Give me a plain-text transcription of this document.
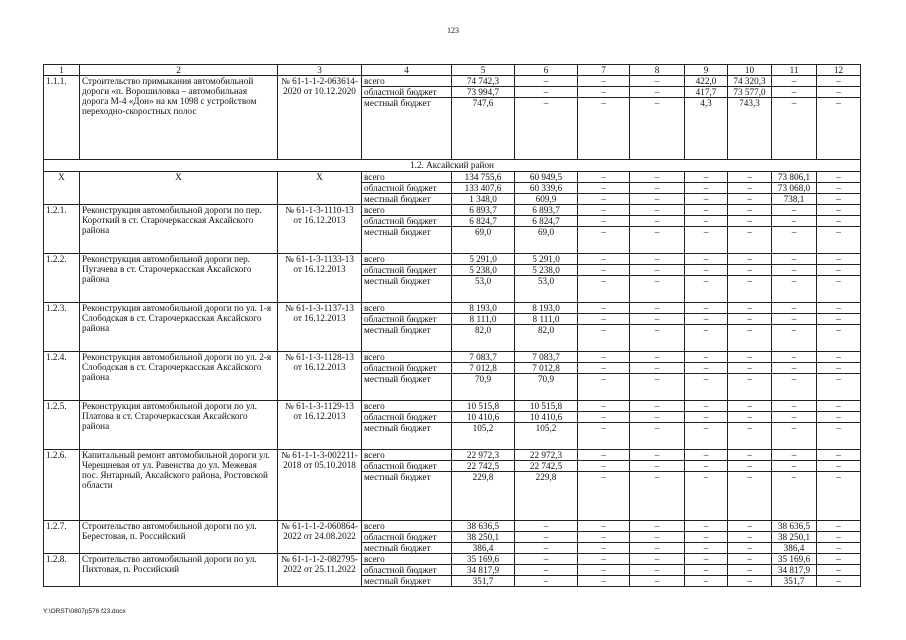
123
1	2	3	4	5	6	7	8	9	10	11	12
1.1.1.	Строительство примыкания автомобильной дороги «п. Ворошиловка – автомобильная дорога М-4 «Дон» на км 1098 с устройством переходно-скоростных полос	№ 61-1-1-2-063614-2020 от 10.12.2020	всего	74 742,3	–	–	–	422,0	74 320,3	–	–
			областной бюджет	73 994,7	–	–	–	417,7	73 577,0	–	–
			местный бюджет	747,6	–	–	–	4,3	743,3	–	–
1.2. Аксайский район											
Х	Х	Х	всего	134 755,6	60 949,5	–	–	–	–	73 806,1	–
			областной бюджет	133 407,6	60 339,6	–	–	–	–	73 068,0	–
			местный бюджет	1 348,0	609,9	–	–	–	–	738,1	–
1.2.1.	Реконструкция автомобильной дороги по пер. Короткий в ст. Старочеркасская Аксайского района	№ 61-1-3-1110-13 от 16.12.2013	всего	6 893,7	6 893,7	–	–	–	–	–	–
			областной бюджет	6 824,7	6 824,7	–	–	–	–	–	–
			местный бюджет	69,0	69,0	–	–	–	–	–	–
1.2.2.	Реконструкция автомобильной дороги пер. Пугачева в ст. Старочеркасская Аксайского района	№ 61-1-3-1133-13 от 16.12.2013	всего	5 291,0	5 291,0	–	–	–	–	–	–
			областной бюджет	5 238,0	5 238,0	–	–	–	–	–	–
			местный бюджет	53,0	53,0	–	–	–	–	–	–
1.2.3.	Реконструкция автомобильной дороги по ул. 1-я Слободская в ст. Старочеркасская Аксайского района	№ 61-1-3-1137-13 от 16.12.2013	всего	8 193,0	8 193,0	–	–	–	–	–	–
			областной бюджет	8 111,0	8 111,0	–	–	–	–	–	–
			местный бюджет	82,0	82,0	–	–	–	–	–	–
1.2.4.	Реконструкция автомобильной дороги по ул. 2-я Слободская в ст. Старочеркасская Аксайского района	№ 61-1-3-1128-13 от 16.12.2013	всего	7 083,7	7 083,7	–	–	–	–	–	–
			областной бюджет	7 012,8	7 012,8	–	–	–	–	–	–
			местный бюджет	70,9	70,9	–	–	–	–	–	–
1.2.5.	Реконструкция автомобильной дороги по ул. Платова в ст. Старочеркасская Аксайского района	№ 61-1-3-1129-13 от 16.12.2013	всего	10 515,8	10 515,8	–	–	–	–	–	–
			областной бюджет	10 410,6	10 410,6	–	–	–	–	–	–
			местный бюджет	105,2	105,2	–	–	–	–	–	–
1.2.6.	Капитальный ремонт автомобильной дороги ул. Черешневая от ул. Равенства до ул. Межевая пос. Янтарный, Аксайского района, Ростовской области	№ 61-1-1-3-002211-2018 от 05.10.2018	всего	22 972,3	22 972,3	–	–	–	–	–	–
			областной бюджет	22 742,5	22 742,5	–	–	–	–	–	–
			местный бюджет	229,8	229,8	–	–	–	–	–	–
1.2.7.	Строительство автомобильной дороги по ул. Берестовая, п. Российский	№ 61-1-1-2-060864-2022 от 24.08.2022	всего	38 636,5	–	–	–	–	–	38 636,5	–
			областной бюджет	38 250,1	–	–	–	–	–	38 250,1	–
			местный бюджет	386,4	–	–	–	–	–	386,4	–
1.2.8.	Строительство автомобильной дороги по ул. Пихтовая, п. Российский	№ 61-1-1-2-082795-2022 от 25.11.2022	всего	35 169,6	–	–	–	–	–	35 169,6	–
			областной бюджет	34 817,9	–	–	–	–	–	34 817,9	–
			местный бюджет	351,7	–	–	–	–	–	351,7	–
Y:\ORST\0807p576 f23.docx
